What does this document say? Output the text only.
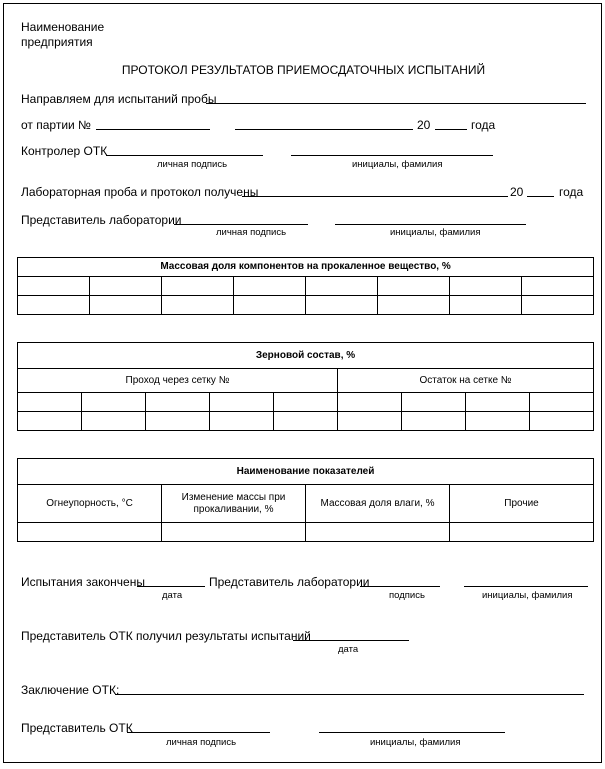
Наименование
предприятия
ПРОТОКОЛ РЕЗУЛЬТАТОВ ПРИЕМОСДАТОЧНЫХ ИСПЫТАНИЙ
Направляем для испытаний пробы
от партии №	20	года
Контролер ОТК
личная подпись	инициалы, фамилия
Лабораторная проба и протокол получены	20	года
Представитель лаборатории
личная подпись	инициалы, фамилия
Массовая доля компонентов на прокаленное вещество, %							

Зерновой состав, %								
Проход через сетку №					Остаток на сетке №			

Наименование показателей			
Огнеупорность, °С	Изменение массы при прокаливании, %	Массовая доля влаги, %	Прочие

Испытания закончены	Представитель лаборатории
дата	подпись	инициалы, фамилия
Представитель ОТК получил результаты испытаний
дата
Заключение ОТК:
Представитель ОТК
личная подпись	инициалы, фамилия
